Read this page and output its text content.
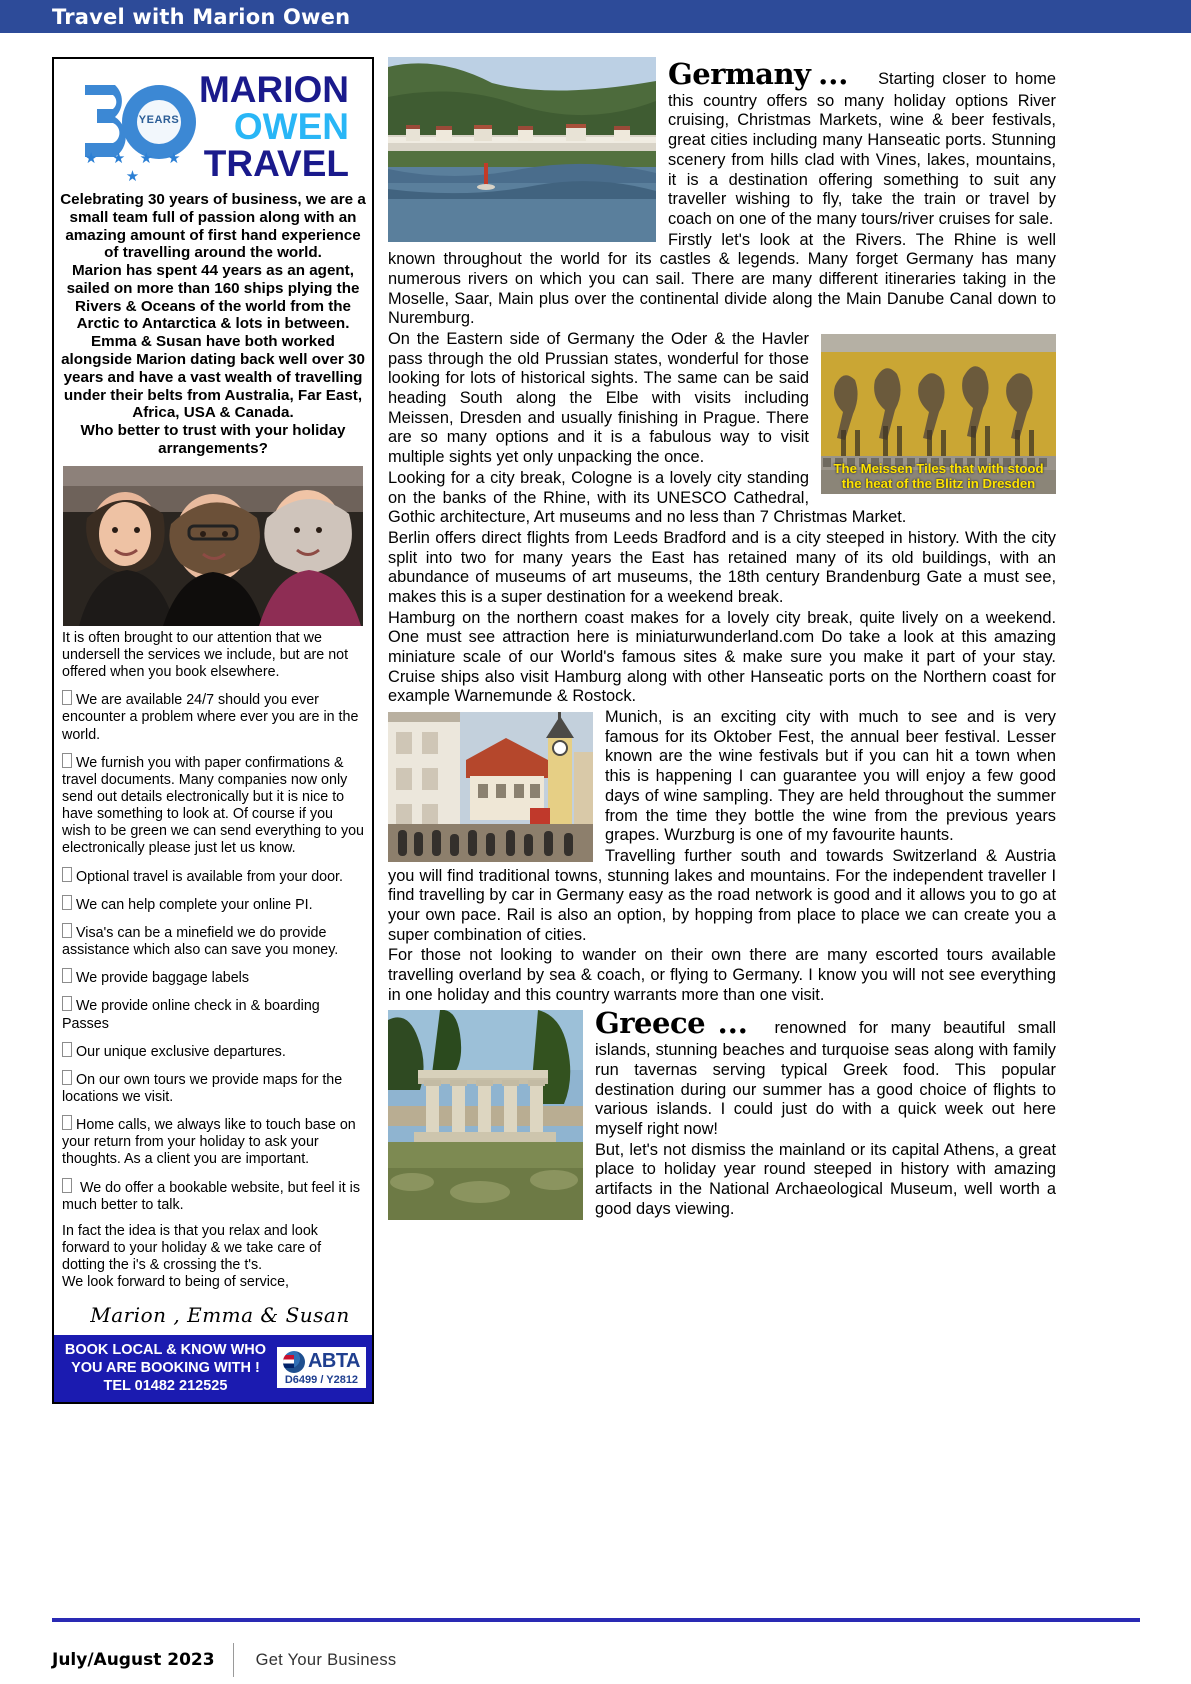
Travel with Marion Owen
YEARS
★ ★ ★ ★ ★
MARION
OWEN
TRAVEL
Celebrating 30 years of business, we are a small team full of passion along with an amazing amount of first hand experience of travelling around the world.
Marion has spent 44 years as an agent, sailed on more than 160 ships plying the Rivers & Oceans of the world from the Arctic to Antarctica & lots in between.
Emma & Susan have both worked alongside Marion dating back well over 30 years and have a vast wealth of travelling under their belts from Australia, Far East, Africa, USA & Canada.
Who better to trust with your holiday arrangements?

It is often brought to our attention that we undersell the services we include, but are not offered when you book elsewhere.

We are available 24/7 should you ever encounter a problem where ever you are in the world.

We furnish you with paper confirmations & travel documents. Many companies now only send out details electronically but it is nice to have something to look at. Of course if you wish to be green we can send everything to you electronically please just let us know.

Optional travel is available from your door.

We can help complete your online PI.

Visa's can be a minefield we do provide assistance which also can save you money.

We provide baggage labels

We provide online check in & boarding Passes

Our unique exclusive departures.

On our own tours we provide maps for the locations we visit.

Home calls, we always like to touch base on your return from your holiday to ask your thoughts. As a client you are important.

We do offer a bookable website, but feel it is much better to talk.

In fact the idea is that you relax and look forward to your holiday & we take care of dotting the i's & crossing the t's.
We look forward to being of service,

Marion , Emma & Susan
BOOK LOCAL & KNOW WHO
YOU ARE BOOKING WITH !
TEL 01482 212525
ABTA
D6499 / Y2812

Germany ... Starting closer to home this country offers so many holiday options River cruising, Christmas Markets, wine & beer festivals, great cities including many Hanseatic ports. Stunning scenery from hills clad with Vines, lakes, mountains, it is a destination offering something to suit any traveller wishing to fly, take the train or travel by coach on one of the many tours/river cruises for sale.

Firstly let's look at the Rivers. The Rhine is well known throughout the world for its castles & legends. Many forget Germany has many numerous rivers on which you can sail. There are many different itineraries taking in the Moselle, Saar, Main plus over the continental divide along the Main Danube Canal down to Nuremburg.

The Meissen Tiles that with stood the heat of the Blitz in Dresden

On the Eastern side of Germany the Oder & the Havler pass through the old Prussian states, wonderful for those looking for lots of historical sights. The same can be said heading South along the Elbe with visits including Meissen, Dresden and usually finishing in Prague. There are so many options and it is a fabulous way to visit multiple sights yet only unpacking the once.

Looking for a city break, Cologne is a lovely city standing on the banks of the Rhine, with its UNESCO Cathedral, Gothic architecture, Art museums and no less than 7 Christmas Market.

Berlin offers direct flights from Leeds Bradford and is a city steeped in history. With the city split into two for many years the East has retained many of its old buildings, with an abundance of museums of art museums, the 18th century Brandenburg Gate a must see, makes this is a super destination for a weekend break.

Hamburg on the northern coast makes for a lovely city break, quite lively on a weekend. One must see attraction here is miniaturwunderland.com Do take a look at this amazing miniature scale of our World's famous sites & make sure you make it part of your stay. Cruise ships also visit Hamburg along with other Hanseatic ports on the Northern coast for example Warnemunde & Rostock.

Munich, is an exciting city with much to see and is very famous for its Oktober Fest, the annual beer festival. Lesser known are the wine festivals but if you can hit a town when this is happening I can guarantee you will enjoy a few good days of wine sampling. They are held throughout the summer from the time they bottle the wine from the previous years grapes. Wurzburg is one of my favourite haunts.

Travelling further south and towards Switzerland & Austria you will find traditional towns, stunning lakes and mountains. For the independent traveller I find travelling by car in Germany easy as the road network is good and it allows you to go at your own pace. Rail is also an option, by hopping from place to place we can create you a super combination of cities.

For those not looking to wander on their own there are many escorted tours available travelling overland by sea & coach, or flying to Germany. I know you will not see everything in one holiday and this country warrants more than one visit.

Greece ... renowned for many beautiful small islands, stunning beaches and turquoise seas along with family run tavernas serving typical Greek food. This popular destination during our summer has a good choice of flights to various islands. I could just do with a quick week out here myself right now!

But, let's not dismiss the mainland or its capital Athens, a great place to holiday year round steeped in history with amazing artifacts in the National Archaeological Museum, well worth a good days viewing.

July/August 2023	Get Your Business
